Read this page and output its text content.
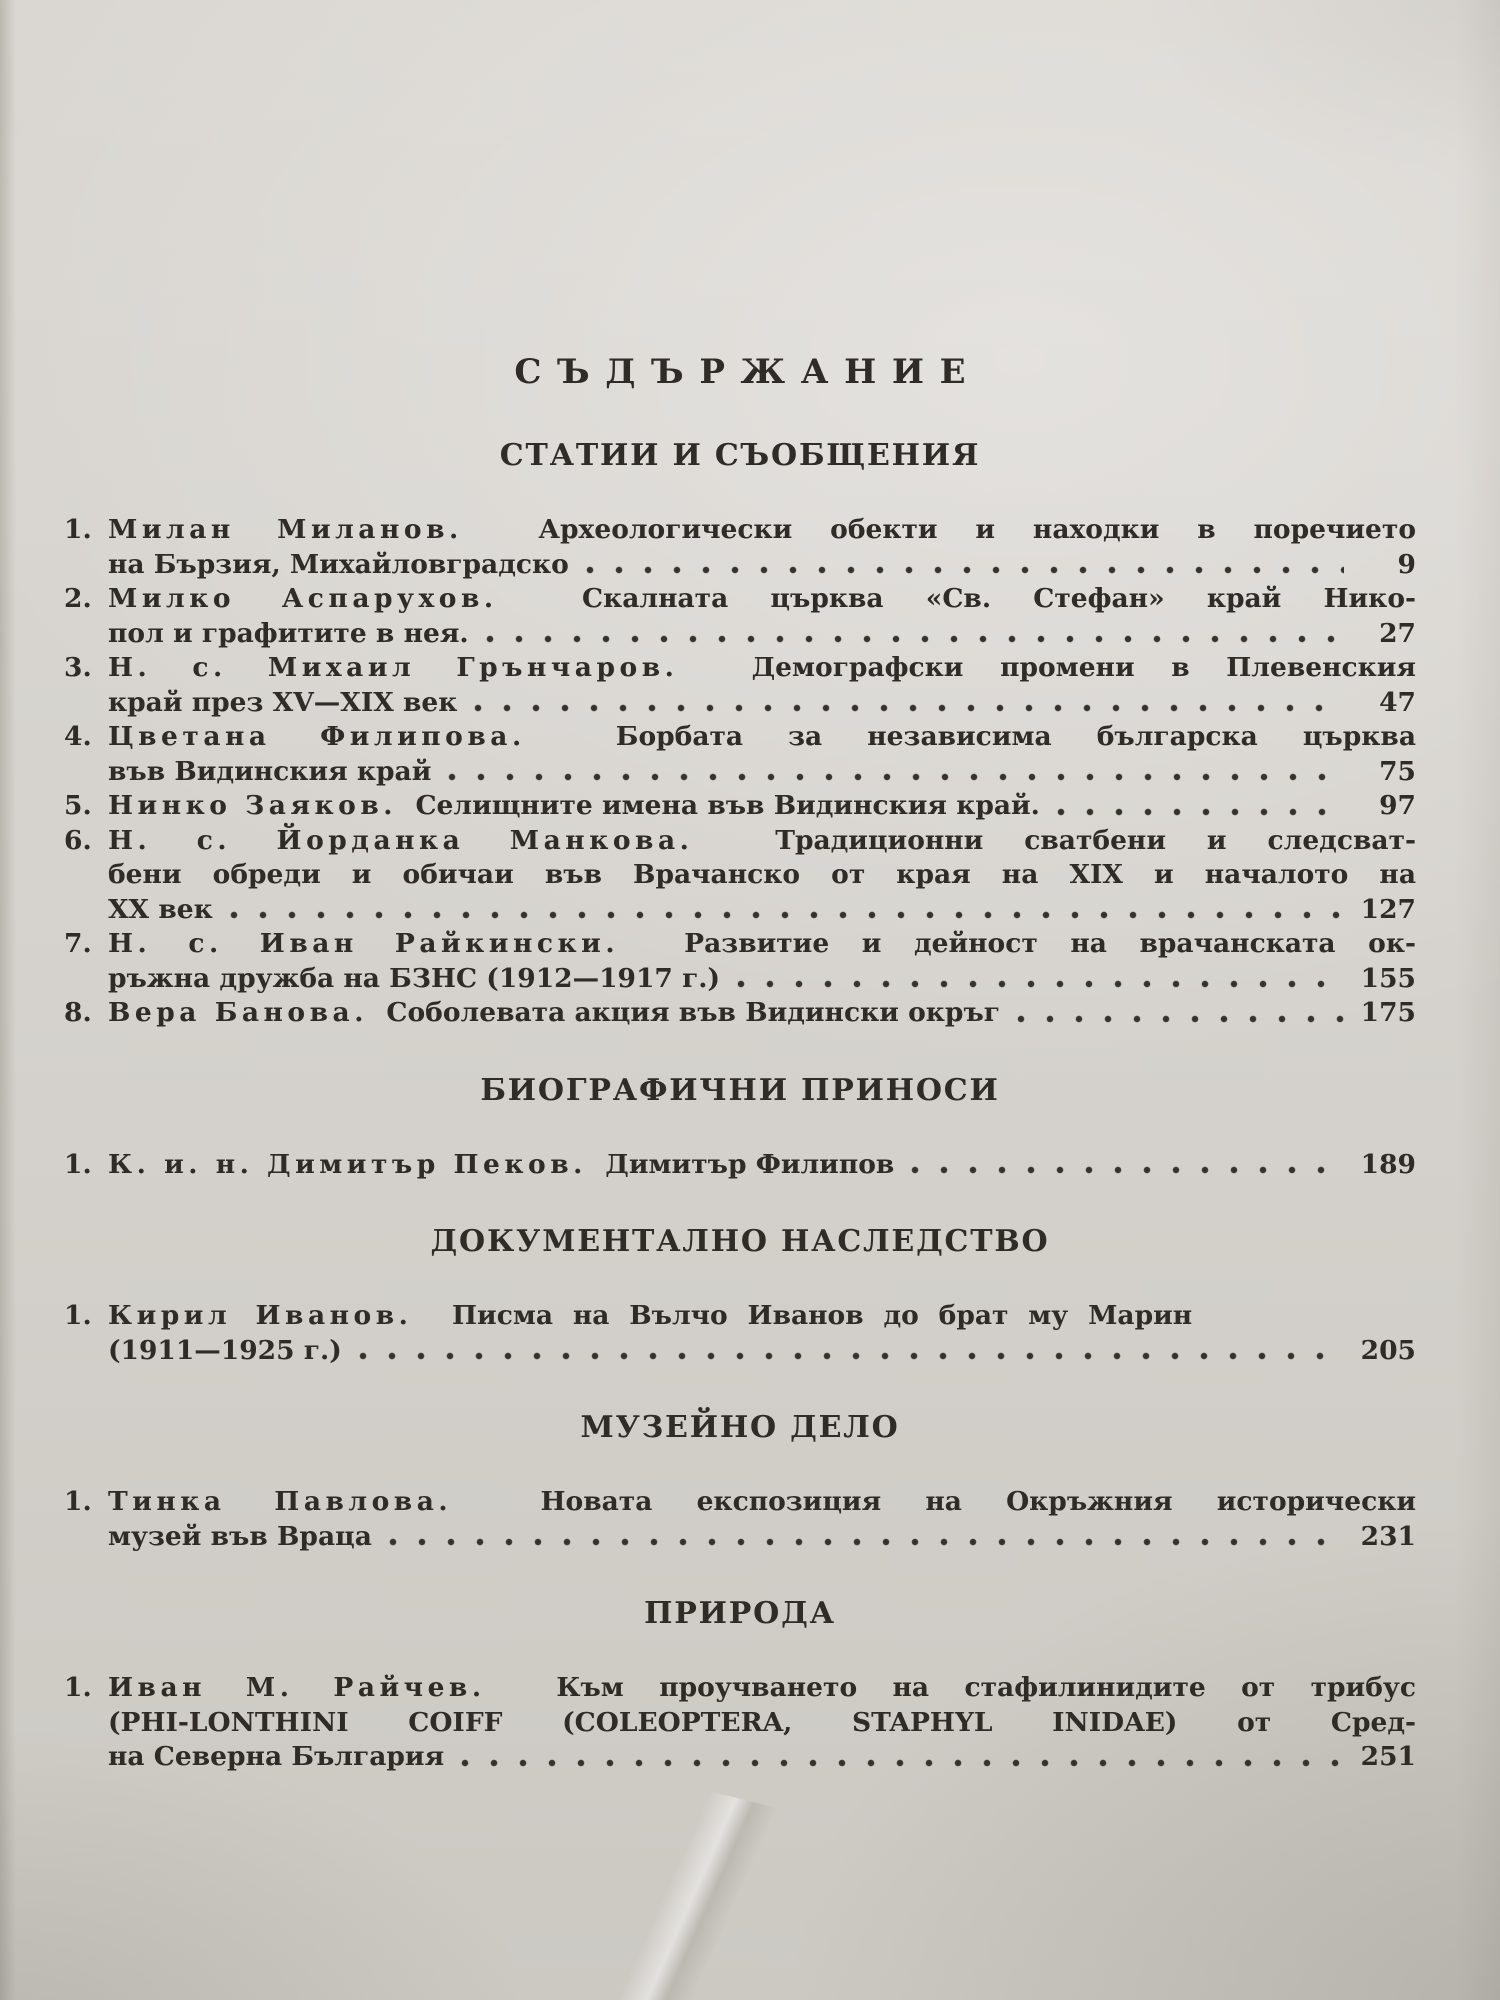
СЪДЪРЖАНИЕ
СТАТИИ И СЪОБЩЕНИЯ
1. Милан Миланов.  Археологически обекти и находки в поречието
на Бързия, Михайловградско	9
2. Милко Аспарухов.  Скалната църква «Св. Стефан» край Нико-
пол и графитите в нея.	27
3. Н. с. Михаил Грънчаров.  Демографски промени в Плевенския
край през XV—XIX век	47
4. Цветана Филипова.  Борбата за независима българска църква
във Видинския край	75
5. Нинко Заяков.  Селищните имена във Видинския край.	97
6. Н. с. Йорданка Манкова.  Традиционни сватбени и следсват-
бени обреди и обичаи във Врачанско от края на XIX и началото на
XX век	127
7. Н. с. Иван Райкински.  Развитие и дейност на врачанската ок-
ръжна дружба на БЗНС (1912—1917 г.)	155
8. Вера Банова.  Соболевата акция във Видински окръг	175
БИОГРАФИЧНИ ПРИНОСИ
1. К. и. н. Димитър Пеков.  Димитър Филипов	189
ДОКУМЕНТАЛНО НАСЛЕДСТВО
1. Кирил Иванов.  Писма на Вълчо Иванов до брат му Марин
(1911—1925 г.)	205
МУЗЕЙНО ДЕЛО
1. Тинка Павлова.  Новата експозиция на Окръжния исторически
музей във Враца	231
ПРИРОДА
1. Иван М. Райчев.  Към проучването на стафилинидите от трибус
(PHI-LONTHINI COIFF (COLEOPTERA, STAPHYL INIDAE) от Сред-
на Северна България	251
